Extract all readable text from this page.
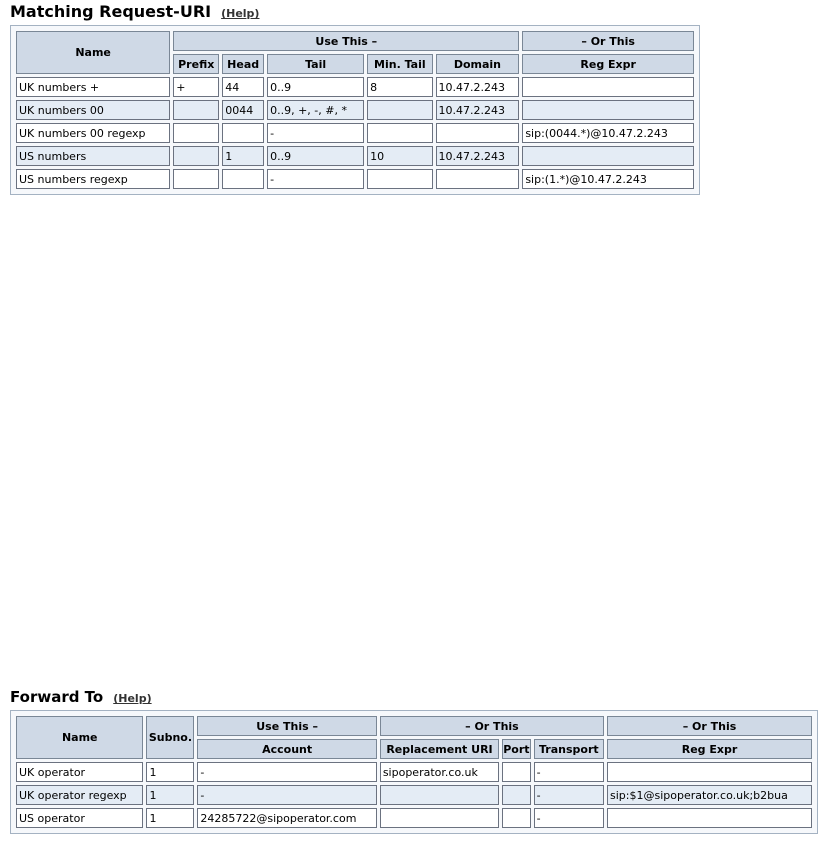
Matching Request-URI (Help)
Name	Use This –					– Or This
	Prefix	Head	Tail	Min. Tail	Domain	Reg Expr

UK numbers +	+	44	0..9	8	10.47.2.243	

UK numbers 00		0044	0..9, +, -, #, *		10.47.2.243	

UK numbers 00 regexp			-			sip:(0044.*)@10.47.2.243

US numbers		1	0..9	10	10.47.2.243	

US numbers regexp			-			sip:(1.*)@10.47.2.243
Forward To (Help)
Name	Subno.	Use This –	– Or This			– Or This
		Account	Replacement URI	Port	Transport	Reg Expr

UK operator	1	-	sipoperator.co.uk		-	

UK operator regexp	1	-			-	sip:$1@sipoperator.co.uk;b2bua

US operator	1	24285722@sipoperator.com			-	
